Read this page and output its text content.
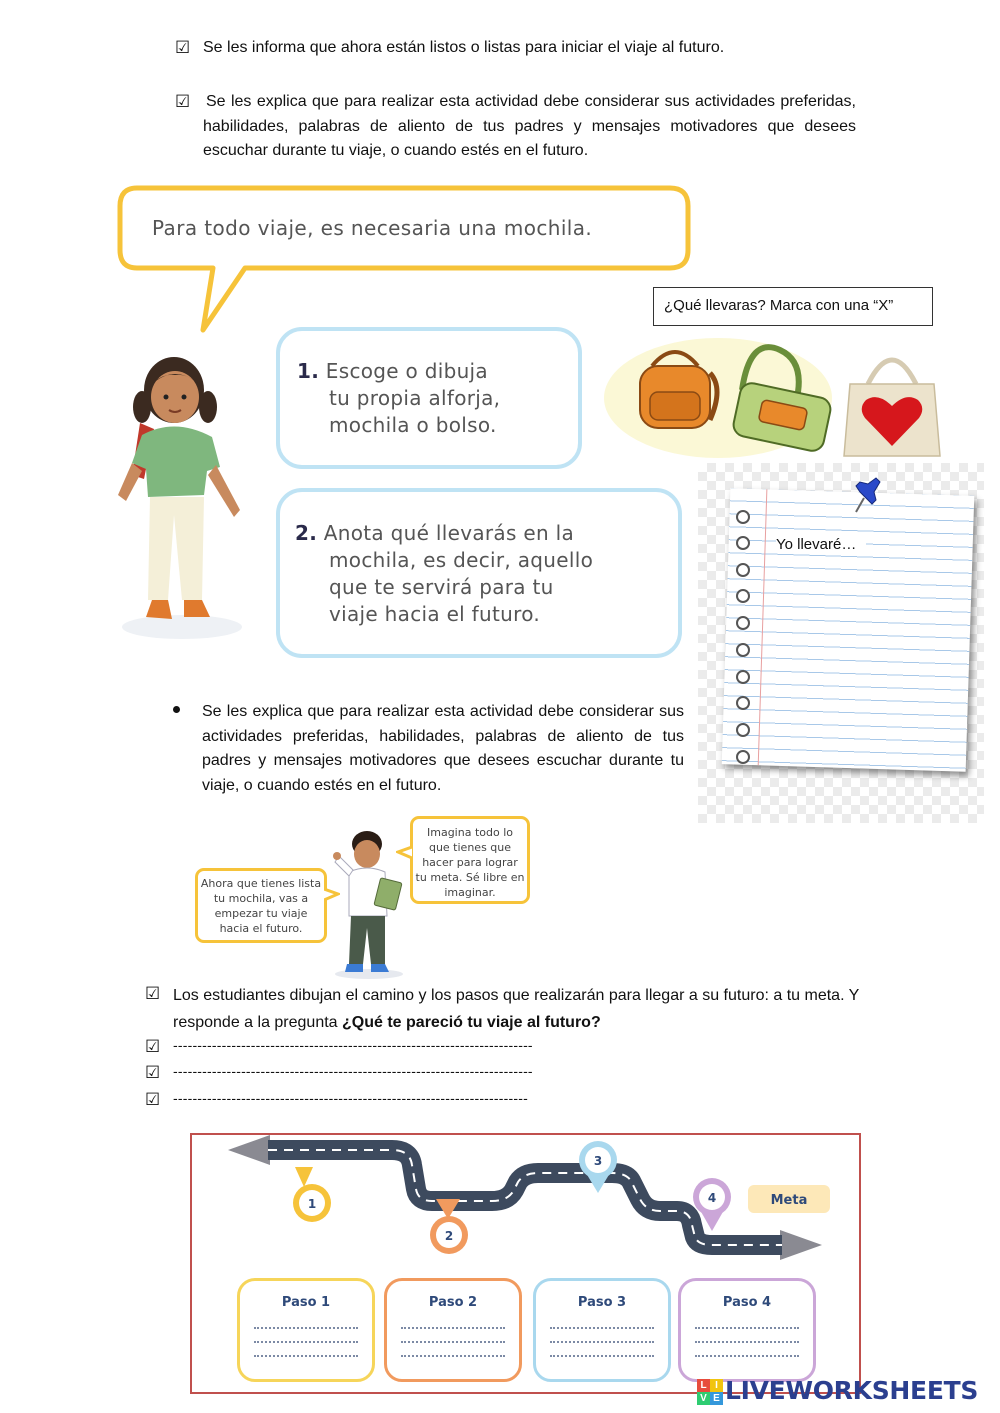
☑ Se les informa que ahora están listos o listas para iniciar el viaje al futuro.
☑ Se les explica que para realizar esta actividad debe considerar sus actividades preferidas, habilidades, palabras de aliento de tus padres y mensajes motivadores que desees escuchar durante tu viaje, o cuando estés en el futuro.
Para todo viaje, es necesaria una mochila.
¿Qué llevaras? Marca con una “X”
1. Escoge o dibuja
tu propia alforja,
mochila o bolso.
2. Anota qué llevarás en la
mochila, es decir, aquello
que te servirá para tu
viaje hacia el futuro.
Yo llevaré…
Se les explica que para realizar esta actividad debe considerar sus actividades preferidas, habilidades, palabras de aliento de tus padres y mensajes motivadores que desees escuchar durante tu viaje, o cuando estés en el futuro.
Ahora que tienes lista tu mochila, vas a empezar tu viaje hacia el futuro.
Imagina todo lo que tienes que hacer para lograr tu meta. Sé libre en imaginar.
☑ Los estudiantes dibujan el camino y los pasos que realizarán para llegar a su futuro: a tu meta. Y responde a la pregunta ¿Qué te pareció tu viaje al futuro?
☑ --------------------------------------------------------------------------
☑ --------------------------------------------------------------------------
☑ -------------------------------------------------------------------------
1
2
3
4	Meta
Paso 1	Paso 2	Paso 3	Paso 4
L I
V E LIVEWORKSHEETS
